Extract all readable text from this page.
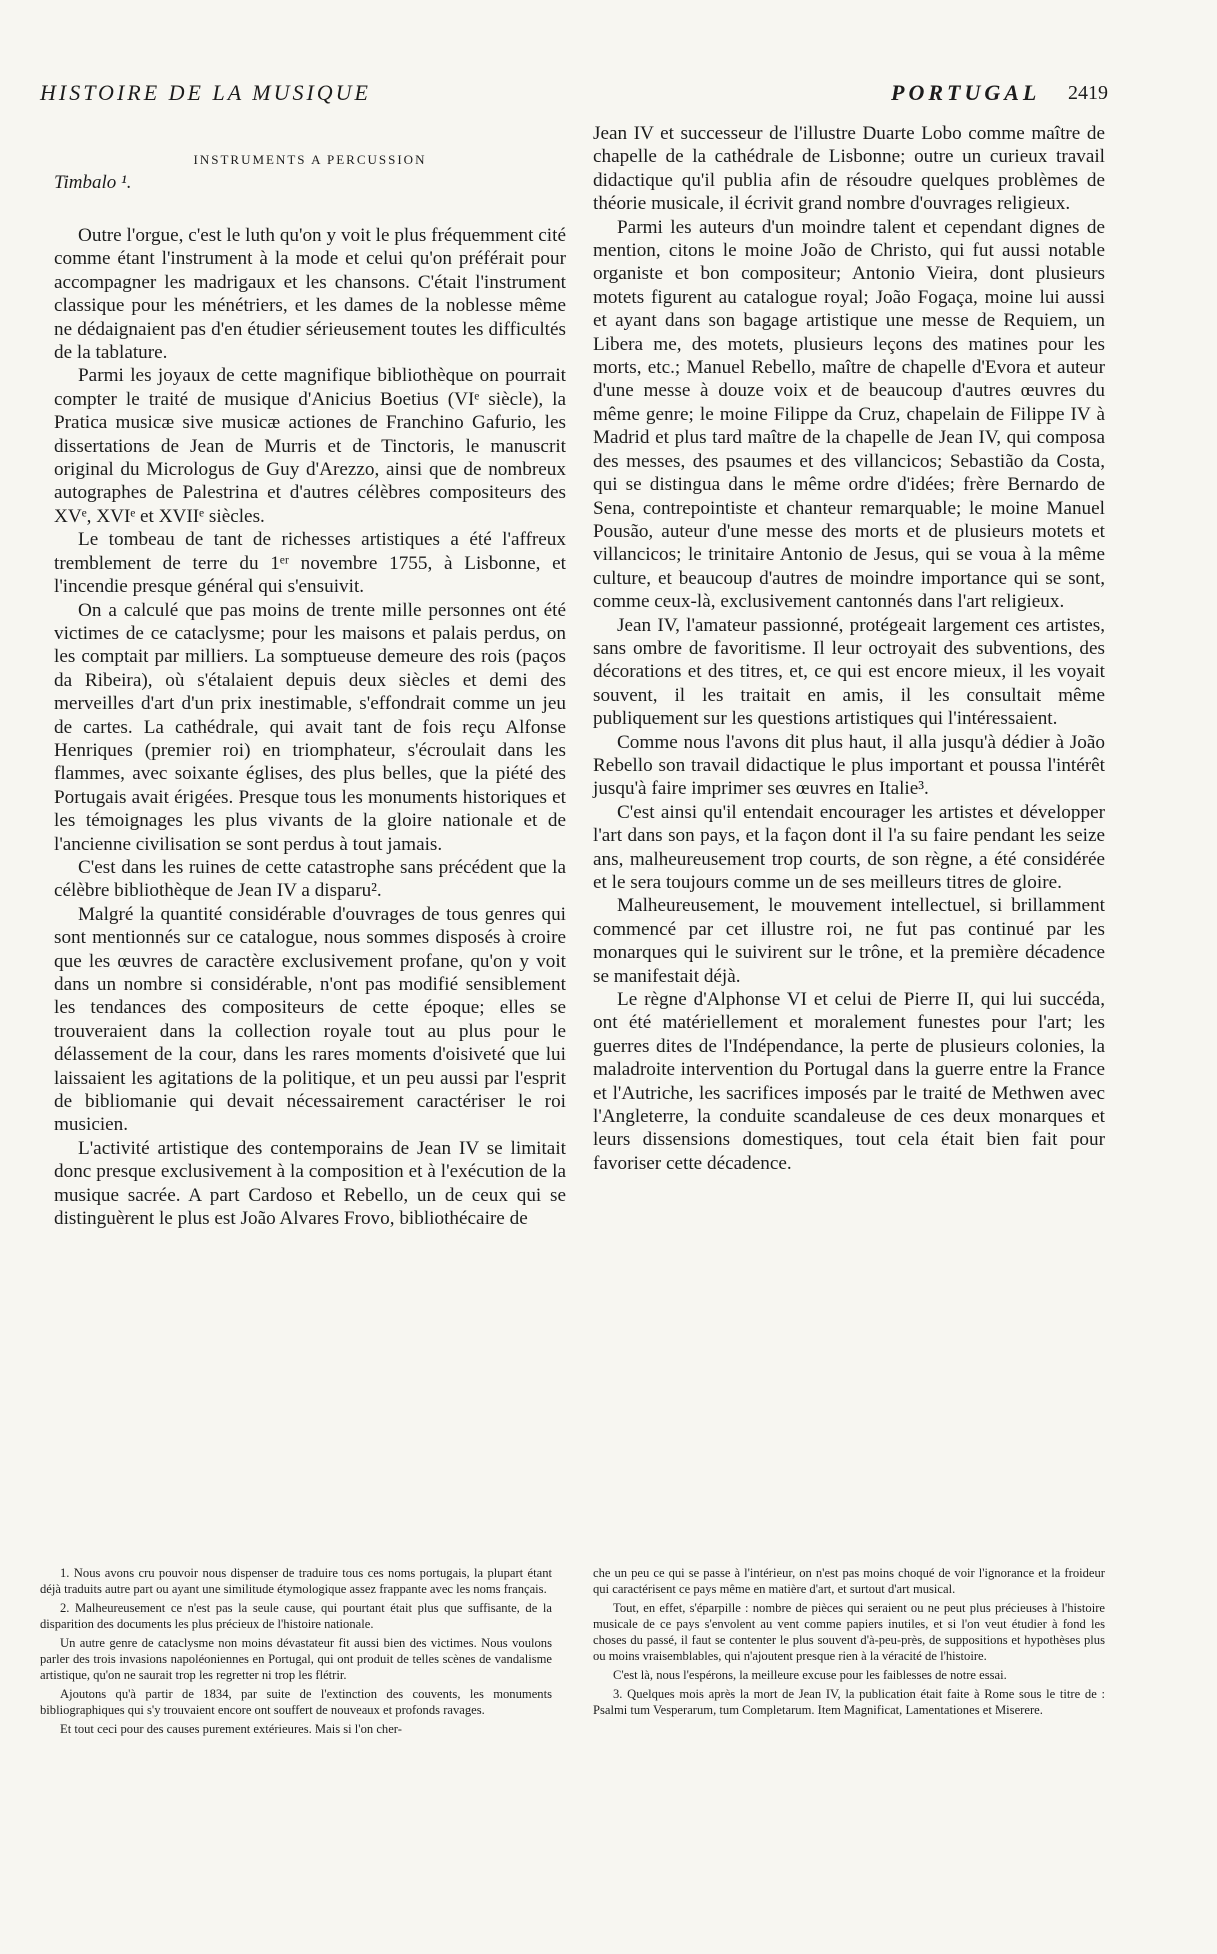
HISTOIRE DE LA MUSIQUE	PORTUGAL 2419
INSTRUMENTS A PERCUSSION
Timbalo ¹.

Outre l'orgue, c'est le luth qu'on y voit le plus fréquemment cité comme étant l'instrument à la mode et celui qu'on préférait pour accompagner les madrigaux et les chansons. C'était l'instrument classique pour les ménétriers, et les dames de la noblesse même ne dédaignaient pas d'en étudier sérieusement toutes les difficultés de la tablature.

Parmi les joyaux de cette magnifique bibliothèque on pourrait compter le traité de musique d'Anicius Boetius (VIᵉ siècle), la Pratica musicæ sive musicæ actiones de Franchino Gafurio, les dissertations de Jean de Murris et de Tinctoris, le manuscrit original du Micrologus de Guy d'Arezzo, ainsi que de nombreux autographes de Palestrina et d'autres célèbres compositeurs des XVᵉ, XVIᵉ et XVIIᵉ siècles.

Le tombeau de tant de richesses artistiques a été l'affreux tremblement de terre du 1ᵉʳ novembre 1755, à Lisbonne, et l'incendie presque général qui s'ensuivit.

On a calculé que pas moins de trente mille personnes ont été victimes de ce cataclysme; pour les maisons et palais perdus, on les comptait par milliers. La somptueuse demeure des rois (paços da Ribeira), où s'étalaient depuis deux siècles et demi des merveilles d'art d'un prix inestimable, s'effondrait comme un jeu de cartes. La cathédrale, qui avait tant de fois reçu Alfonse Henriques (premier roi) en triomphateur, s'écroulait dans les flammes, avec soixante églises, des plus belles, que la piété des Portugais avait érigées. Presque tous les monuments historiques et les témoignages les plus vivants de la gloire nationale et de l'ancienne civilisation se sont perdus à tout jamais.

C'est dans les ruines de cette catastrophe sans précédent que la célèbre bibliothèque de Jean IV a disparu².

Malgré la quantité considérable d'ouvrages de tous genres qui sont mentionnés sur ce catalogue, nous sommes disposés à croire que les œuvres de caractère exclusivement profane, qu'on y voit dans un nombre si considérable, n'ont pas modifié sensiblement les tendances des compositeurs de cette époque; elles se trouveraient dans la collection royale tout au plus pour le délassement de la cour, dans les rares moments d'oisiveté que lui laissaient les agitations de la politique, et un peu aussi par l'esprit de bibliomanie qui devait nécessairement caractériser le roi musicien.

L'activité artistique des contemporains de Jean IV se limitait donc presque exclusivement à la composition et à l'exécution de la musique sacrée. A part Cardoso et Rebello, un de ceux qui se distinguèrent le plus est João Alvares Frovo, bibliothécaire de

Jean IV et successeur de l'illustre Duarte Lobo comme maître de chapelle de la cathédrale de Lisbonne; outre un curieux travail didactique qu'il publia afin de résoudre quelques problèmes de théorie musicale, il écrivit grand nombre d'ouvrages religieux.

Parmi les auteurs d'un moindre talent et cependant dignes de mention, citons le moine João de Christo, qui fut aussi notable organiste et bon compositeur; Antonio Vieira, dont plusieurs motets figurent au catalogue royal; João Fogaça, moine lui aussi et ayant dans son bagage artistique une messe de Requiem, un Libera me, des motets, plusieurs leçons des matines pour les morts, etc.; Manuel Rebello, maître de chapelle d'Evora et auteur d'une messe à douze voix et de beaucoup d'autres œuvres du même genre; le moine Filippe da Cruz, chapelain de Filippe IV à Madrid et plus tard maître de la chapelle de Jean IV, qui composa des messes, des psaumes et des villancicos; Sebastião da Costa, qui se distingua dans le même ordre d'idées; frère Bernardo de Sena, contrepointiste et chanteur remarquable; le moine Manuel Pousão, auteur d'une messe des morts et de plusieurs motets et villancicos; le trinitaire Antonio de Jesus, qui se voua à la même culture, et beaucoup d'autres de moindre importance qui se sont, comme ceux-là, exclusivement cantonnés dans l'art religieux.

Jean IV, l'amateur passionné, protégeait largement ces artistes, sans ombre de favoritisme. Il leur octroyait des subventions, des décorations et des titres, et, ce qui est encore mieux, il les voyait souvent, il les traitait en amis, il les consultait même publiquement sur les questions artistiques qui l'intéressaient.

Comme nous l'avons dit plus haut, il alla jusqu'à dédier à João Rebello son travail didactique le plus important et poussa l'intérêt jusqu'à faire imprimer ses œuvres en Italie³.

C'est ainsi qu'il entendait encourager les artistes et développer l'art dans son pays, et la façon dont il l'a su faire pendant les seize ans, malheureusement trop courts, de son règne, a été considérée et le sera toujours comme un de ses meilleurs titres de gloire.

Malheureusement, le mouvement intellectuel, si brillamment commencé par cet illustre roi, ne fut pas continué par les monarques qui le suivirent sur le trône, et la première décadence se manifestait déjà.

Le règne d'Alphonse VI et celui de Pierre II, qui lui succéda, ont été matériellement et moralement funestes pour l'art; les guerres dites de l'Indépendance, la perte de plusieurs colonies, la maladroite intervention du Portugal dans la guerre entre la France et l'Autriche, les sacrifices imposés par le traité de Methwen avec l'Angleterre, la conduite scandaleuse de ces deux monarques et leurs dissensions domestiques, tout cela était bien fait pour favoriser cette décadence.

1. Nous avons cru pouvoir nous dispenser de traduire tous ces noms portugais, la plupart étant déjà traduits autre part ou ayant une similitude étymologique assez frappante avec les noms français.

2. Malheureusement ce n'est pas la seule cause, qui pourtant était plus que suffisante, de la disparition des documents les plus précieux de l'histoire nationale.

Un autre genre de cataclysme non moins dévastateur fit aussi bien des victimes. Nous voulons parler des trois invasions napoléoniennes en Portugal, qui ont produit de telles scènes de vandalisme artistique, qu'on ne saurait trop les regretter ni trop les flétrir.

Ajoutons qu'à partir de 1834, par suite de l'extinction des couvents, les monuments bibliographiques qui s'y trouvaient encore ont souffert de nouveaux et profonds ravages.

Et tout ceci pour des causes purement extérieures. Mais si l'on cher-

che un peu ce qui se passe à l'intérieur, on n'est pas moins choqué de voir l'ignorance et la froideur qui caractérisent ce pays même en matière d'art, et surtout d'art musical.

Tout, en effet, s'éparpille : nombre de pièces qui seraient ou ne peut plus précieuses à l'histoire musicale de ce pays s'envolent au vent comme papiers inutiles, et si l'on veut étudier à fond les choses du passé, il faut se contenter le plus souvent d'à-peu-près, de suppositions et hypothèses plus ou moins vraisemblables, qui n'ajoutent presque rien à la véracité de l'histoire.

C'est là, nous l'espérons, la meilleure excuse pour les faiblesses de notre essai.

3. Quelques mois après la mort de Jean IV, la publication était faite à Rome sous le titre de : Psalmi tum Vesperarum, tum Completarum. Item Magnificat, Lamentationes et Miserere.
